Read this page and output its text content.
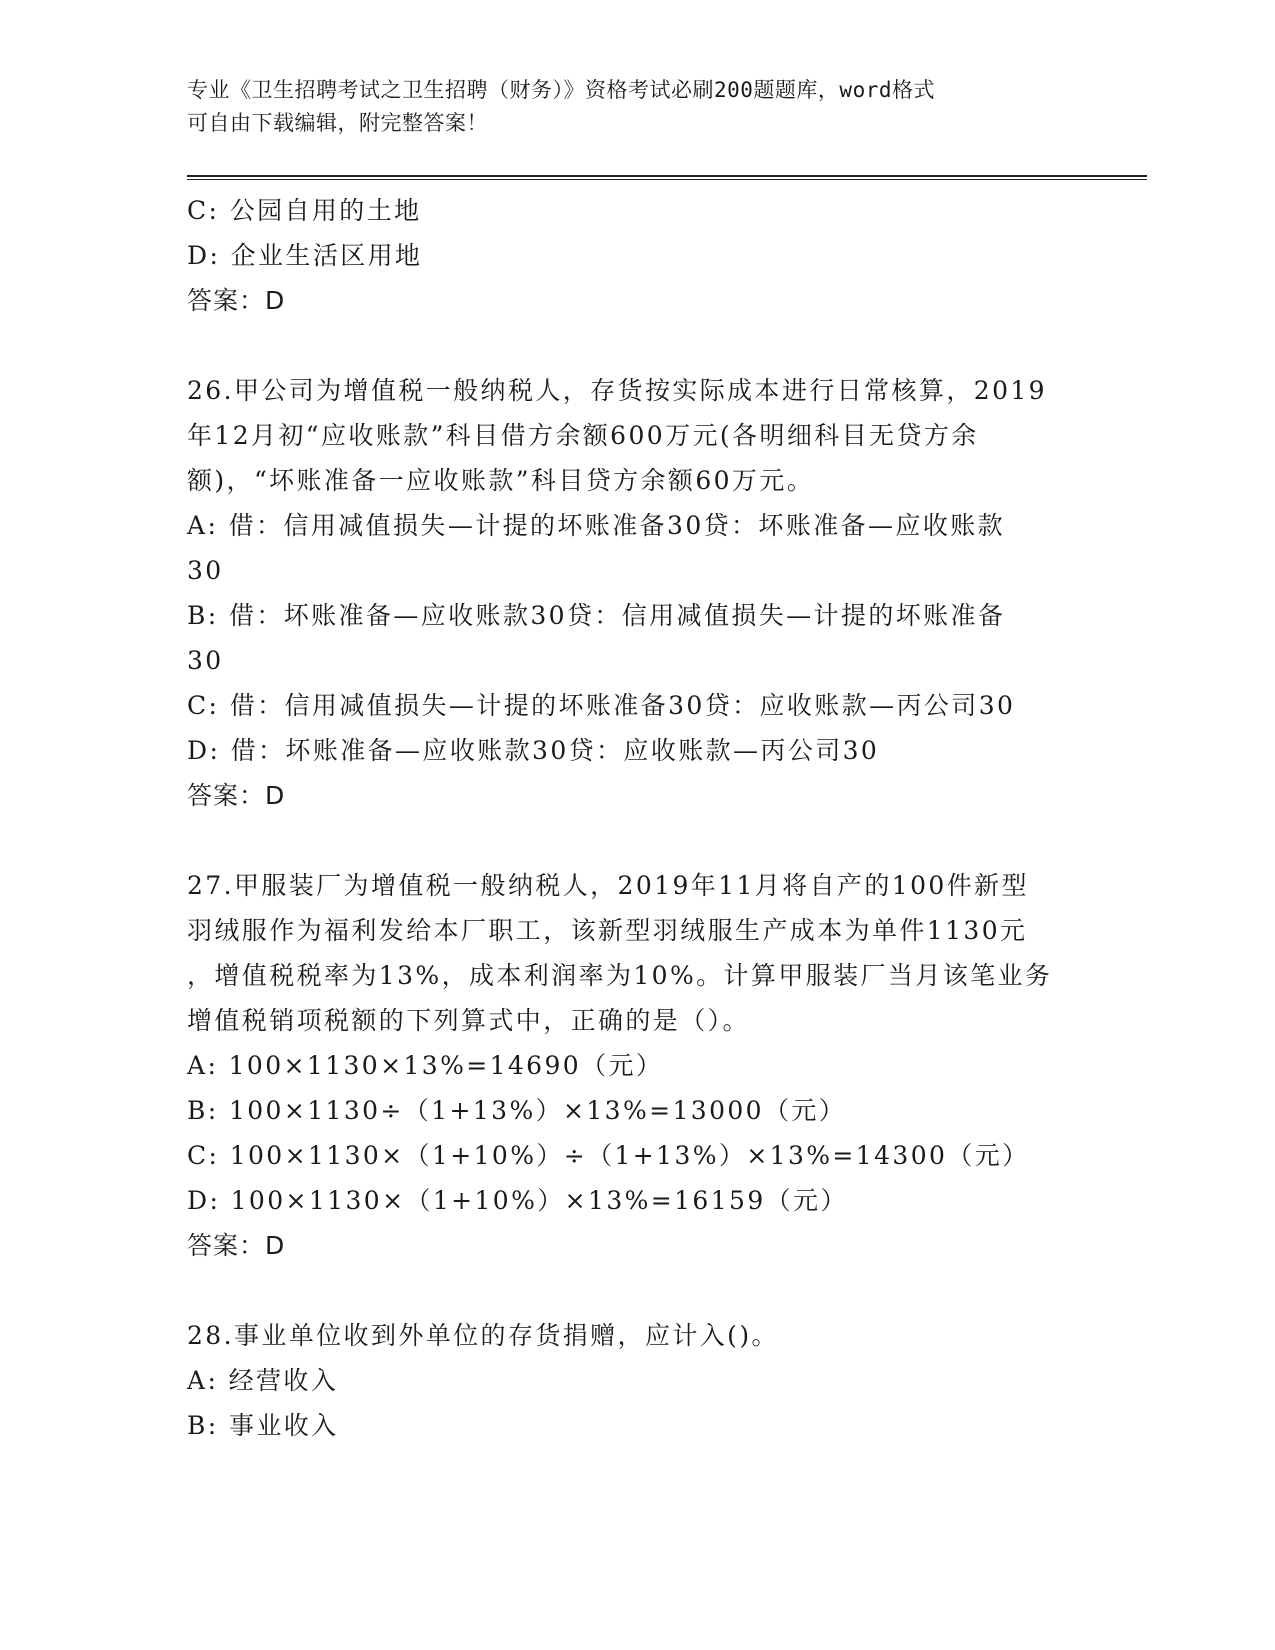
专业《卫生招聘考试之卫生招聘（财务）》资格考试必刷200题题库，word格式
可自由下载编辑，附完整答案！
C: 公园自用的土地
D: 企业生活区用地
答案：D
26.甲公司为增值税一般纳税人，存货按实际成本进行日常核算，2019
年12月初“应收账款”科目借方余额600万元(各明细科目无贷方余
额)，“坏账准备一应收账款”科目贷方余额60万元。
A: 借：信用减值损失—计提的坏账准备30贷：坏账准备—应收账款
30
B: 借：坏账准备—应收账款30贷：信用减值损失—计提的坏账准备
30
C: 借：信用减值损失—计提的坏账准备30贷：应收账款—丙公司30
D: 借：坏账准备—应收账款30贷：应收账款—丙公司30
答案：D
27.甲服装厂为增值税一般纳税人，2019年11月将自产的100件新型
羽绒服作为福利发给本厂职工，该新型羽绒服生产成本为单件1130元
，增值税税率为13%，成本利润率为10%。计算甲服装厂当月该笔业务
增值税销项税额的下列算式中，正确的是（）。
A: 100×1130×13%=14690（元）
B: 100×1130÷（1+13%）×13%=13000（元）
C: 100×1130×（1+10%）÷（1+13%）×13%=14300（元）
D: 100×1130×（1+10%）×13%=16159（元）
答案：D
28.事业单位收到外单位的存货捐赠，应计入()。
A: 经营收入
B: 事业收入
